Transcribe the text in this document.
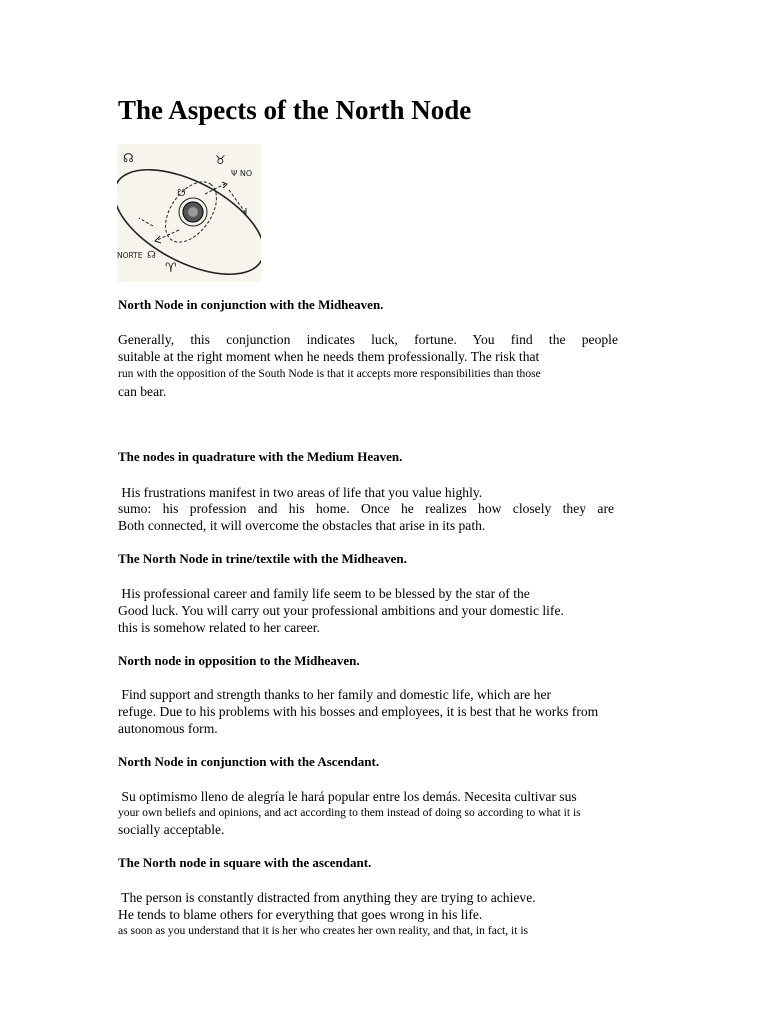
The Aspects of the North Node
☊
♈︎
☋
Ψ NO
NORTE
♉︎
☊

North Node in conjunction with the Midheaven.

Generally, this conjunction indicates luck, fortune. You find the people

suitable at the right moment when he needs them professionally. The risk that

run with the opposition of the South Node is that it accepts more responsibilities than those

can bear.

The nodes in quadrature with the Medium Heaven.

His frustrations manifest in two areas of life that you value highly.

sumo: his profession and his home. Once he realizes how closely they are

Both connected, it will overcome the obstacles that arise in its path.

The North Node in trine/textile with the Midheaven.

His professional career and family life seem to be blessed by the star of the

Good luck. You will carry out your professional ambitions and your domestic life.

this is somehow related to her career.

North node in opposition to the Midheaven.

Find support and strength thanks to her family and domestic life, which are her

refuge. Due to his problems with his bosses and employees, it is best that he works from

autonomous form.

North Node in conjunction with the Ascendant.

Su optimismo lleno de alegría le hará popular entre los demás. Necesita cultivar sus

your own beliefs and opinions, and act according to them instead of doing so according to what it is

socially acceptable.

The North node in square with the ascendant.

The person is constantly distracted from anything they are trying to achieve.

He tends to blame others for everything that goes wrong in his life.

as soon as you understand that it is her who creates her own reality, and that, in fact, it is
